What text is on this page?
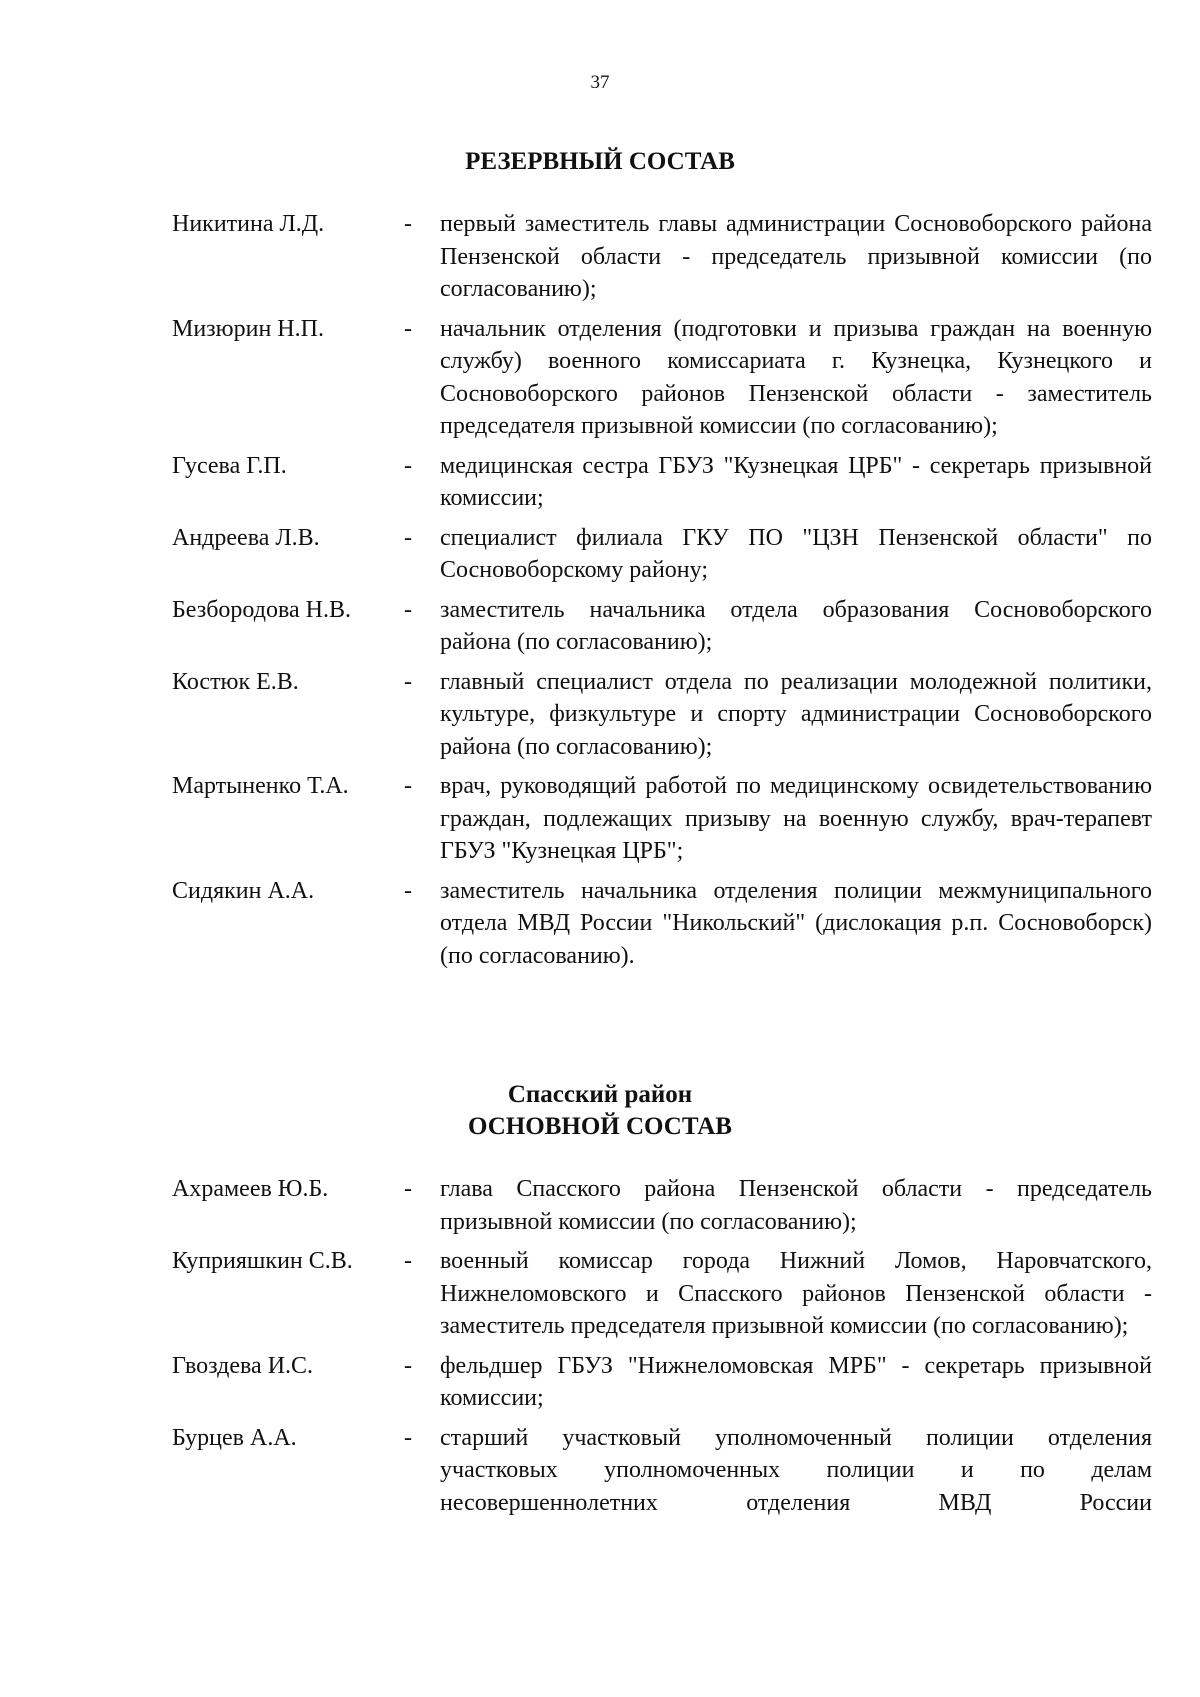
37
РЕЗЕРВНЫЙ СОСТАВ
Никитина Л.Д.	-	первый заместитель главы администрации Сосновоборского района Пензенской области - председатель призывной комиссии (по согласованию);
Мизюрин Н.П.	-	начальник отделения (подготовки и призыва граждан на военную службу) военного комиссариата г. Кузнецка, Кузнецкого и Сосновоборского районов Пензенской области - заместитель председателя призывной комиссии (по согласованию);
Гусева Г.П.	-	медицинская сестра ГБУЗ "Кузнецкая ЦРБ" - секретарь призывной комиссии;
Андреева Л.В.	-	специалист филиала ГКУ ПО "ЦЗН Пензенской области" по Сосновоборскому району;
Безбородова Н.В.	-	заместитель начальника отдела образования Сосновоборского района (по согласованию);
Костюк Е.В.	-	главный специалист отдела по реализации молодежной политики, культуре, физкультуре и спорту администрации Сосновоборского района (по согласованию);
Мартыненко Т.А.	-	врач, руководящий работой по медицинскому освидетельствованию граждан, подлежащих призыву на военную службу, врач-терапевт ГБУЗ "Кузнецкая ЦРБ";
Сидякин А.А.	-	заместитель начальника отделения полиции межмуниципального отдела МВД России "Никольский" (дислокация р.п. Сосновоборск) (по согласованию).
Спасский район
ОСНОВНОЙ СОСТАВ
Ахрамеев Ю.Б.	-	глава Спасского района Пензенской области - председатель призывной комиссии (по согласованию);
Куприяшкин С.В.	-	военный комиссар города Нижний Ломов, Наровчатского, Нижнеломовского и Спасского районов Пензенской области - заместитель председателя призывной комиссии (по согласованию);
Гвоздева И.С.	-	фельдшер ГБУЗ "Нижнеломовская МРБ" - секретарь призывной комиссии;
Бурцев А.А.	-	старший участковый уполномоченный полиции отделения участковых уполномоченных полиции и по делам несовершеннолетних отделения МВД России
